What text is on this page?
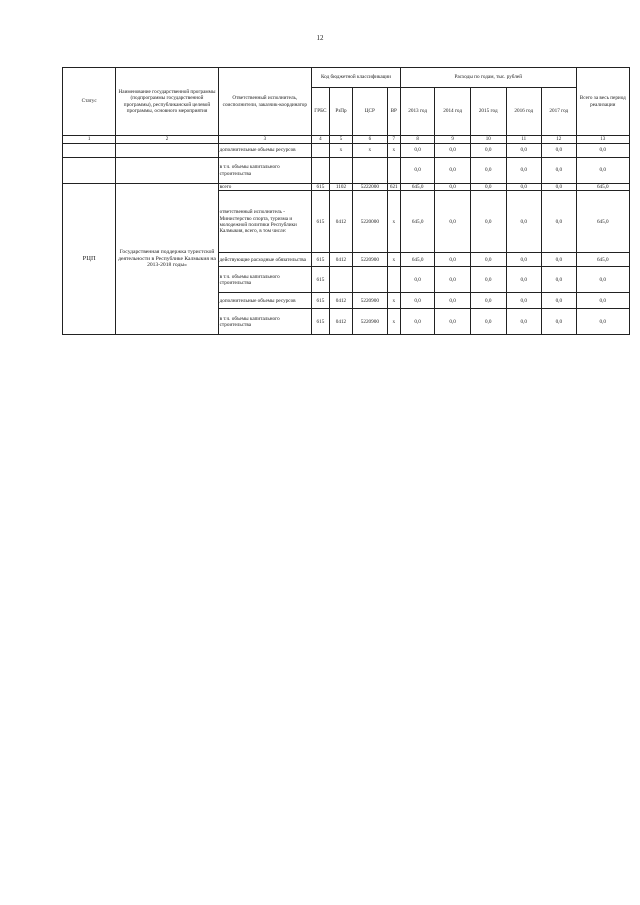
12
Статус	Наименование государственной программы (подпрограммы государственной программы), республиканской целевой программы, основного мероприятия	Ответственный исполнитель, соисполнители, заказчик-координатор	Код бюджетной классификации				Расходы по годам, тыс. рублей					Всего за весь период реализации
			ГРБС	РзПр	ЦСР	ВР	2013 год	2014 год	2015 год	2016 год	2017 год	
1	2	3	4	5	6	7	8	9	10	11	12	13
		дополнительные объемы ресурсов		х	х	х	0,0	0,0	0,0	0,0	0,0	0,0
		в т.ч. объемы капитального строительства					0,0	0,0	0,0	0,0	0,0	0,0
РЦП	Государственная поддержка туристской деятельности в Республике Калмыкия на 2013-2018 годы»	всего	615	1102	5222000	621	645,0	0,0	0,0	0,0	0,0	645,0
		ответственный исполнитель - Министерство спорта, туризма и молодежной политики Республики Калмыкия, всего, в том числе:	615	0412	5220000	х	645,0	0,0	0,0	0,0	0,0	645,0
		действующие расходные обязательства	615	0412	5220900	х	645,0	0,0	0,0	0,0	0,0	645,0
		в т.ч. объемы капитального строительства	615				0,0	0,0	0,0	0,0	0,0	0,0
		дополнительные объемы ресурсов	615	0412	5220900	х	0,0	0,0	0,0	0,0	0,0	0,0
		в т.ч. объемы капитального строительства	615	0412	5220900	х	0,0	0,0	0,0	0,0	0,0	0,0
